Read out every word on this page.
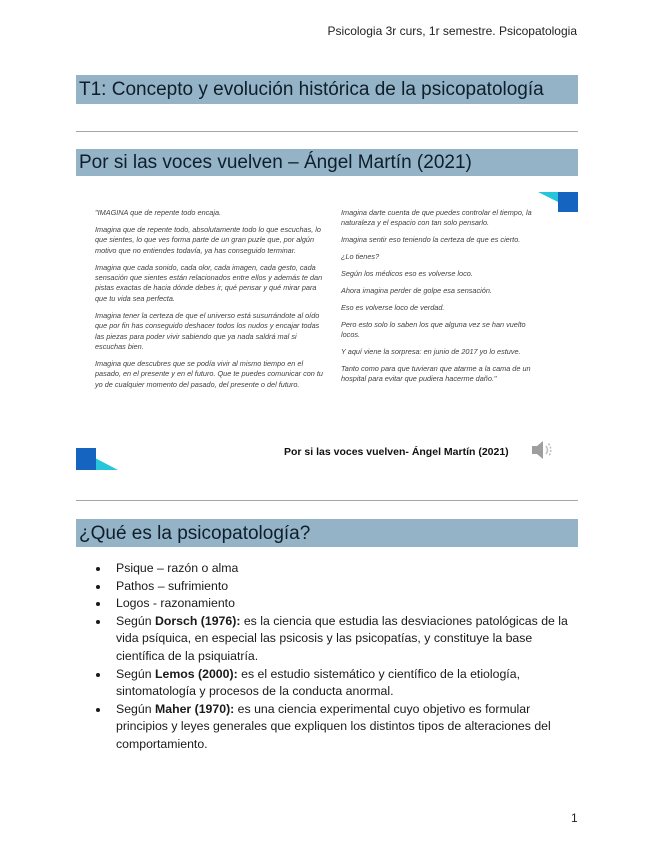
Psicologia 3r curs, 1r semestre. Psicopatologia
T1: Concepto y evolución histórica de la psicopatología
Por si las voces vuelven – Ángel Martín (2021)

"IMAGINA que de repente todo encaja.

Imagina que de repente todo, absolutamente todo lo que escuchas, lo que sientes, lo que ves forma parte de un gran puzle que, por algún motivo que no entiendes todavía, ya has conseguido terminar.

Imagina que cada sonido, cada olor, cada imagen, cada gesto, cada sensación que sientes están relacionados entre ellos y además te dan pistas exactas de hacia dónde debes ir, qué pensar y qué mirar para que tu vida sea perfecta.

Imagina tener la certeza de que el universo está susurrándote al oído que por fin has conseguido deshacer todos los nudos y encajar todas las piezas para poder vivir sabiendo que ya nada saldrá mal si escuchas bien.

Imagina que descubres que se podía vivir al mismo tiempo en el pasado, en el presente y en el futuro. Que te puedes comunicar con tu yo de cualquier momento del pasado, del presente o del futuro.

Imagina darte cuenta de que puedes controlar el tiempo, la naturaleza y el espacio con tan solo pensarlo.

Imagina sentir eso teniendo la certeza de que es cierto.

¿Lo tienes?

Según los médicos eso es volverse loco.

Ahora imagina perder de golpe esa sensación.

Eso es volverse loco de verdad.

Pero esto solo lo saben los que alguna vez se han vuelto locos.

Y aquí viene la sorpresa: en junio de 2017 yo lo estuve.

Tanto como para que tuvieran que atarme a la cama de un hospital para evitar que pudiera hacerme daño."

Por si las voces vuelven- Ángel Martín (2021)
¿Qué es la psicopatología?
Psique – razón o alma
Pathos – sufrimiento
Logos - razonamiento
Según Dorsch (1976): es la ciencia que estudia las desviaciones patológicas de la vida psíquica, en especial las psicosis y las psicopatías, y constituye la base científica de la psiquiatría.
Según Lemos (2000): es el estudio sistemático y científico de la etiología, sintomatología y procesos de la conducta anormal.
Según Maher (1970): es una ciencia experimental cuyo objetivo es formular principios y leyes generales que expliquen los distintos tipos de alteraciones del comportamiento.
1
